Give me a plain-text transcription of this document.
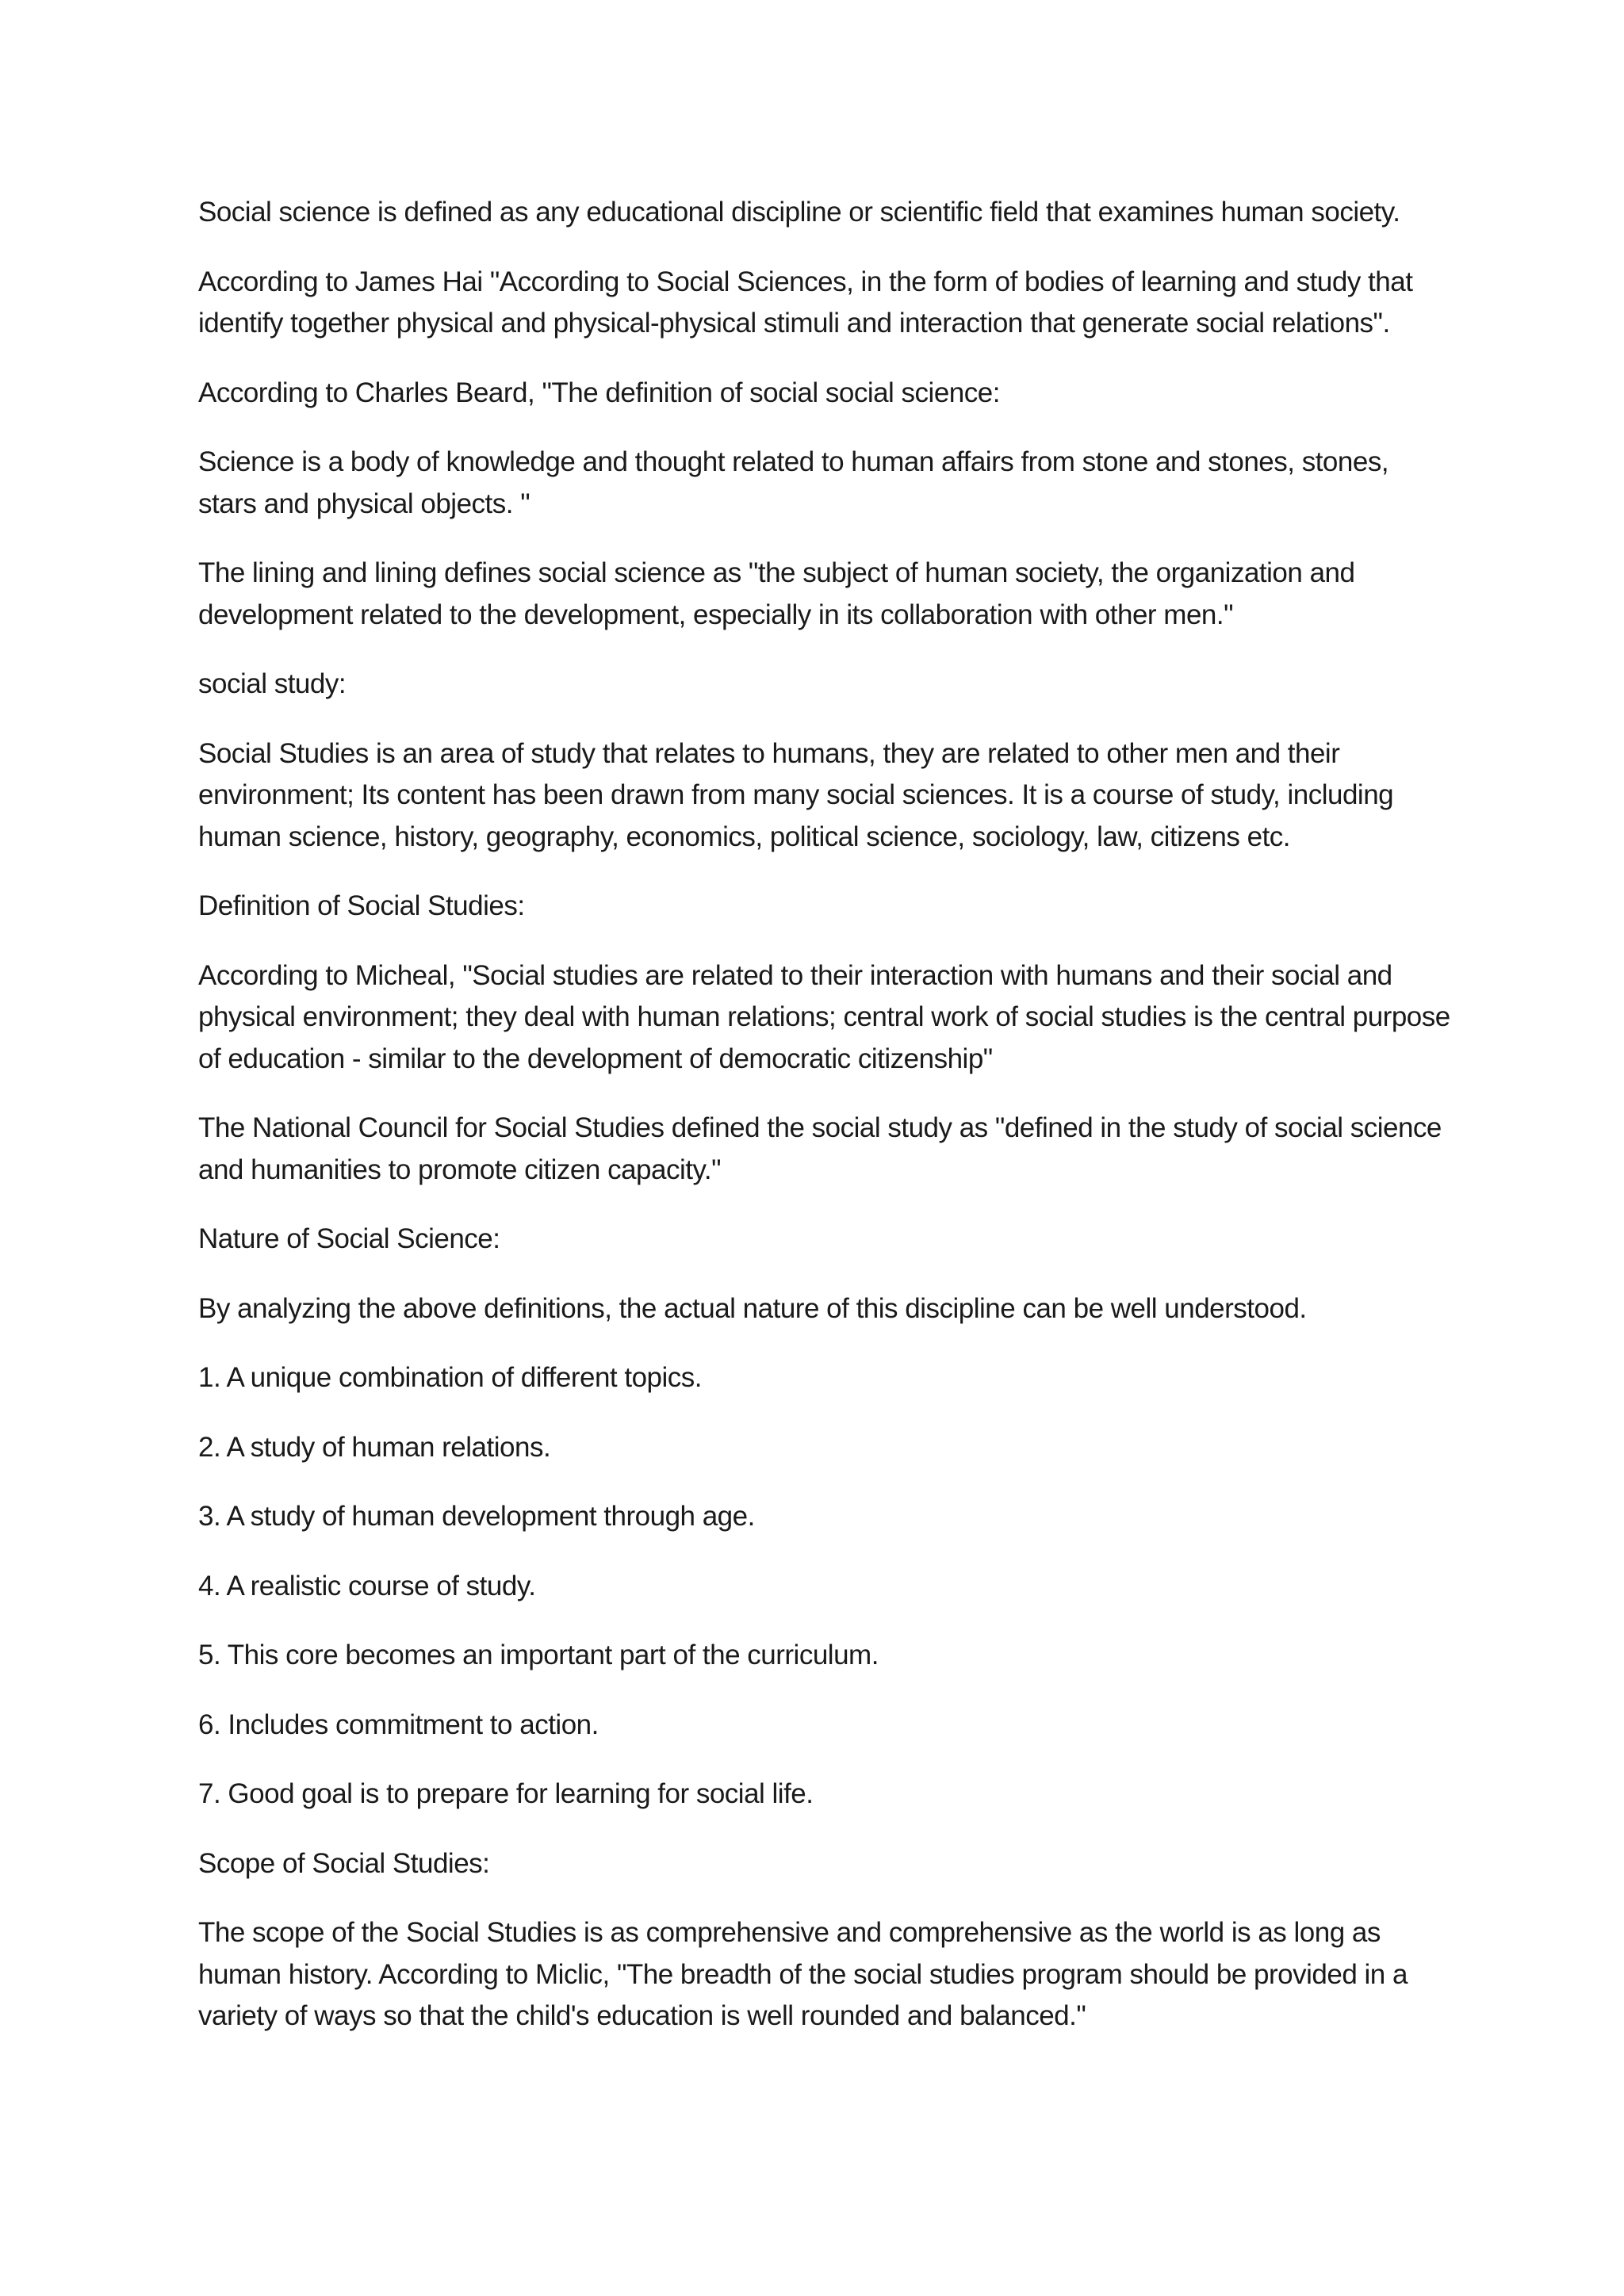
Social science is defined as any educational discipline or scientific field that examines human society.

According to James Hai "According to Social Sciences, in the form of bodies of learning and study that identify together physical and physical-physical stimuli and interaction that generate social relations".

According to Charles Beard, "The definition of social social science:

Science is a body of knowledge and thought related to human affairs from stone and stones, stones, stars and physical objects. "

The lining and lining defines social science as "the subject of human society, the organization and development related to the development, especially in its collaboration with other men."

social study:

Social Studies is an area of study that relates to humans, they are related to other men and their environment; Its content has been drawn from many social sciences. It is a course of study, including human science, history, geography, economics, political science, sociology, law, citizens etc.

Definition of Social Studies:

According to Micheal, "Social studies are related to their interaction with humans and their social and physical environment; they deal with human relations; central work of social studies is the central purpose of education - similar to the development of democratic citizenship"

The National Council for Social Studies defined the social study as "defined in the study of social science and humanities to promote citizen capacity."

Nature of Social Science:

By analyzing the above definitions, the actual nature of this discipline can be well understood.

1. A unique combination of different topics.

2. A study of human relations.

3. A study of human development through age.

4. A realistic course of study.

5. This core becomes an important part of the curriculum.

6. Includes commitment to action.

7. Good goal is to prepare for learning for social life.

Scope of Social Studies:

The scope of the Social Studies is as comprehensive and comprehensive as the world is as long as human history. According to Miclic, "The breadth of the social studies program should be provided in a variety of ways so that the child's education is well rounded and balanced."
